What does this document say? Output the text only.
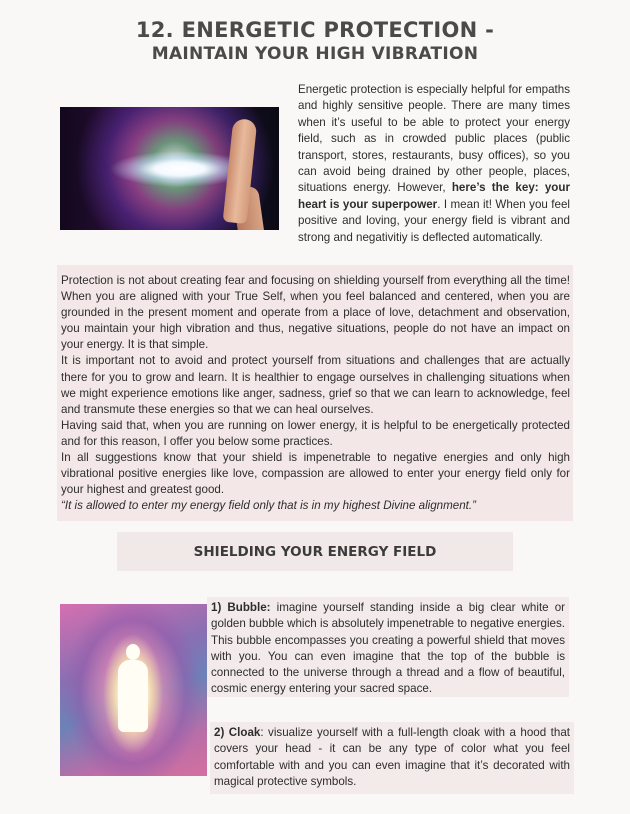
12. ENERGETIC PROTECTION -
MAINTAIN YOUR HIGH VIBRATION

Energetic protection is especially helpful for empaths and highly sensitive people. There are many times when it’s useful to be able to protect your energy field, such as in crowded public places (public transport, stores, restaurants, busy offices), so you can avoid being drained by other people, places, situations energy. However, here’s the key: your heart is your superpower. I mean it! When you feel positive and loving, your energy field is vibrant and strong and negativitiy is deflected automatically.

Protection is not about creating fear and focusing on shielding yourself from everything all the time! When you are aligned with your True Self, when you feel balanced and centered, when you are grounded in the present moment and operate from a place of love, detachment and observation, you maintain your high vibration and thus, negative situations, people do not have an impact on your energy. It is that simple.

It is important not to avoid and protect yourself from situations and challenges that are actually there for you to grow and learn. It is healthier to engage ourselves in challenging situations when we might experience emotions like anger, sadness, grief so that we can learn to acknowledge, feel and transmute these energies so that we can heal ourselves.

Having said that, when you are running on lower energy, it is helpful to be energetically protected and for this reason, I offer you below some practices.

In all suggestions know that your shield is impenetrable to negative energies and only high vibrational positive energies like love, compassion are allowed to enter your energy field only for your highest and greatest good.

“It is allowed to enter my energy field only that is in my highest Divine alignment.”

SHIELDING YOUR ENERGY FIELD

1) Bubble: imagine yourself standing inside a big clear white or golden bubble which is absolutely impenetrable to negative energies. This bubble encompasses you creating a powerful shield that moves with you. You can even imagine that the top of the bubble is connected to the universe through a thread and a flow of beautiful, cosmic energy entering your sacred space.

2) Cloak: visualize yourself with a full-length cloak with a hood that covers your head - it can be any type of color what you feel comfortable with and you can even imagine that it’s decorated with magical protective symbols.
